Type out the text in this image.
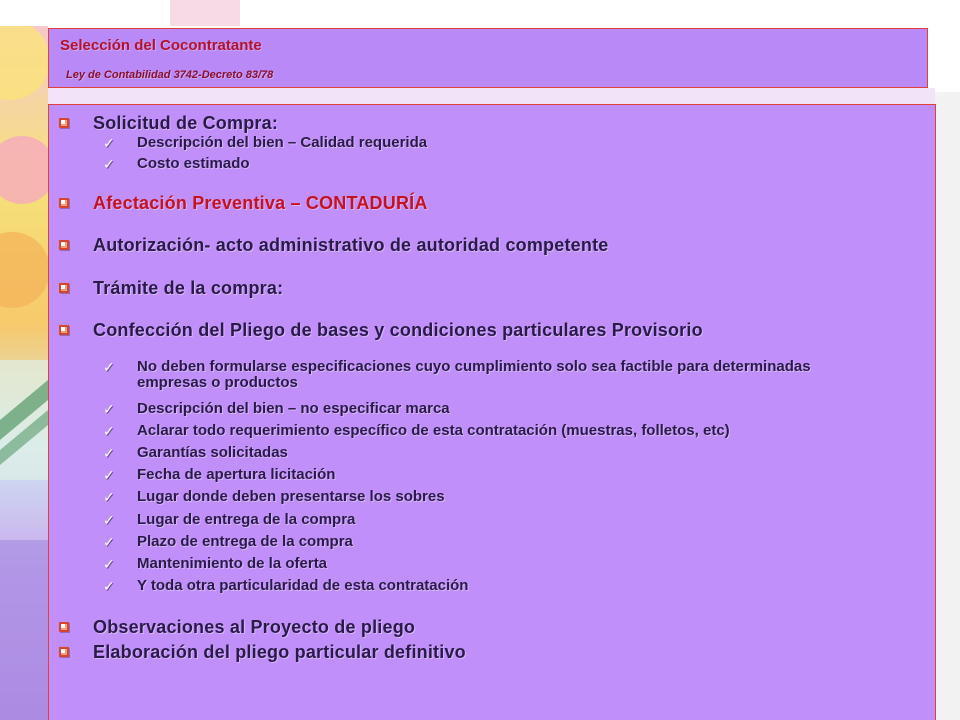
Selección del Cocontratante
Ley de Contabilidad 3742-Decreto 83/78
Solicitud de Compra:
✓	Descripción del bien – Calidad requerida
✓	Costo estimado
Afectación Preventiva – CONTADURÍA
Autorización- acto administrativo de autoridad competente
Trámite de la compra:
Confección del Pliego de bases y condiciones particulares Provisorio
✓	No deben formularse especificaciones cuyo cumplimiento solo sea factible para determinadas empresas o productos
✓	Descripción del bien – no especificar marca
✓	Aclarar todo requerimiento específico de esta contratación (muestras, folletos, etc)
✓	Garantías solicitadas
✓	Fecha de apertura licitación
✓	Lugar donde deben presentarse los sobres
✓	Lugar de entrega de la compra
✓	Plazo de entrega de la compra
✓	Mantenimiento de la oferta
✓	Y toda otra particularidad de esta contratación
Observaciones al Proyecto de pliego
Elaboración del pliego particular definitivo
